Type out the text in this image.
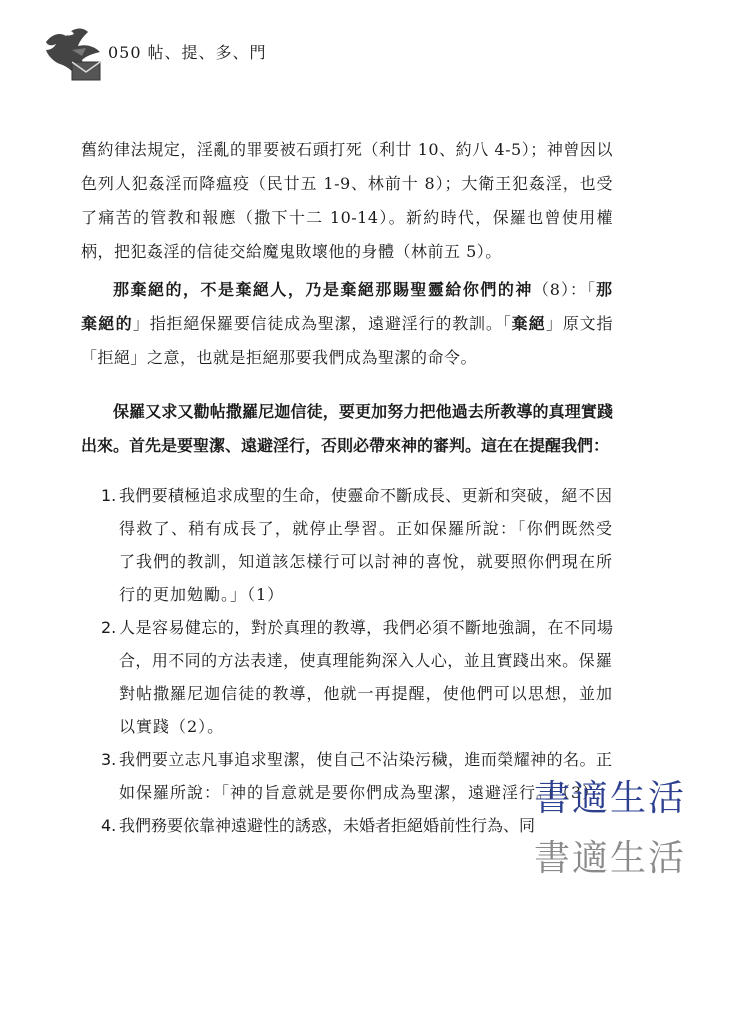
050 帖、提、多、門

舊約律法規定，淫亂的罪要被石頭打死（利廿 10、約八 4-5）；神曾因以色列人犯姦淫而降瘟疫（民廿五 1-9、林前十 8）；大衛王犯姦淫，也受了痛苦的管教和報應（撒下十二 10-14）。新約時代，保羅也曾使用權柄，把犯姦淫的信徒交給魔鬼敗壞他的身體（林前五 5）。

那棄絕的，不是棄絕人，乃是棄絕那賜聖靈給你們的神（8）：「那棄絕的」指拒絕保羅要信徒成為聖潔，遠避淫行的教訓。「棄絕」原文指「拒絕」之意，也就是拒絕那要我們成為聖潔的命令。

保羅又求又勸帖撒羅尼迦信徒，要更加努力把他過去所教導的真理實踐出來。首先是要聖潔、遠避淫行，否則必帶來神的審判。這在在提醒我們：

1. 我們要積極追求成聖的生命，使靈命不斷成長、更新和突破，絕不因得救了、稍有成長了，就停止學習。正如保羅所說：「你們既然受了我們的教訓，知道該怎樣行可以討神的喜悅，就要照你們現在所行的更加勉勵。」（1）
2. 人是容易健忘的，對於真理的教導，我們必須不斷地強調，在不同場合，用不同的方法表達，使真理能夠深入人心，並且實踐出來。保羅對帖撒羅尼迦信徒的教導，他就一再提醒，使他們可以思想，並加以實踐（2）。
3. 我們要立志凡事追求聖潔，使自己不沾染污穢，進而榮耀神的名。正如保羅所說：「神的旨意就是要你們成為聖潔，遠避淫行。」（3）
4. 我們務要依靠神遠避性的誘惑，未婚者拒絕婚前性行為、同
書適生活
書適生活
